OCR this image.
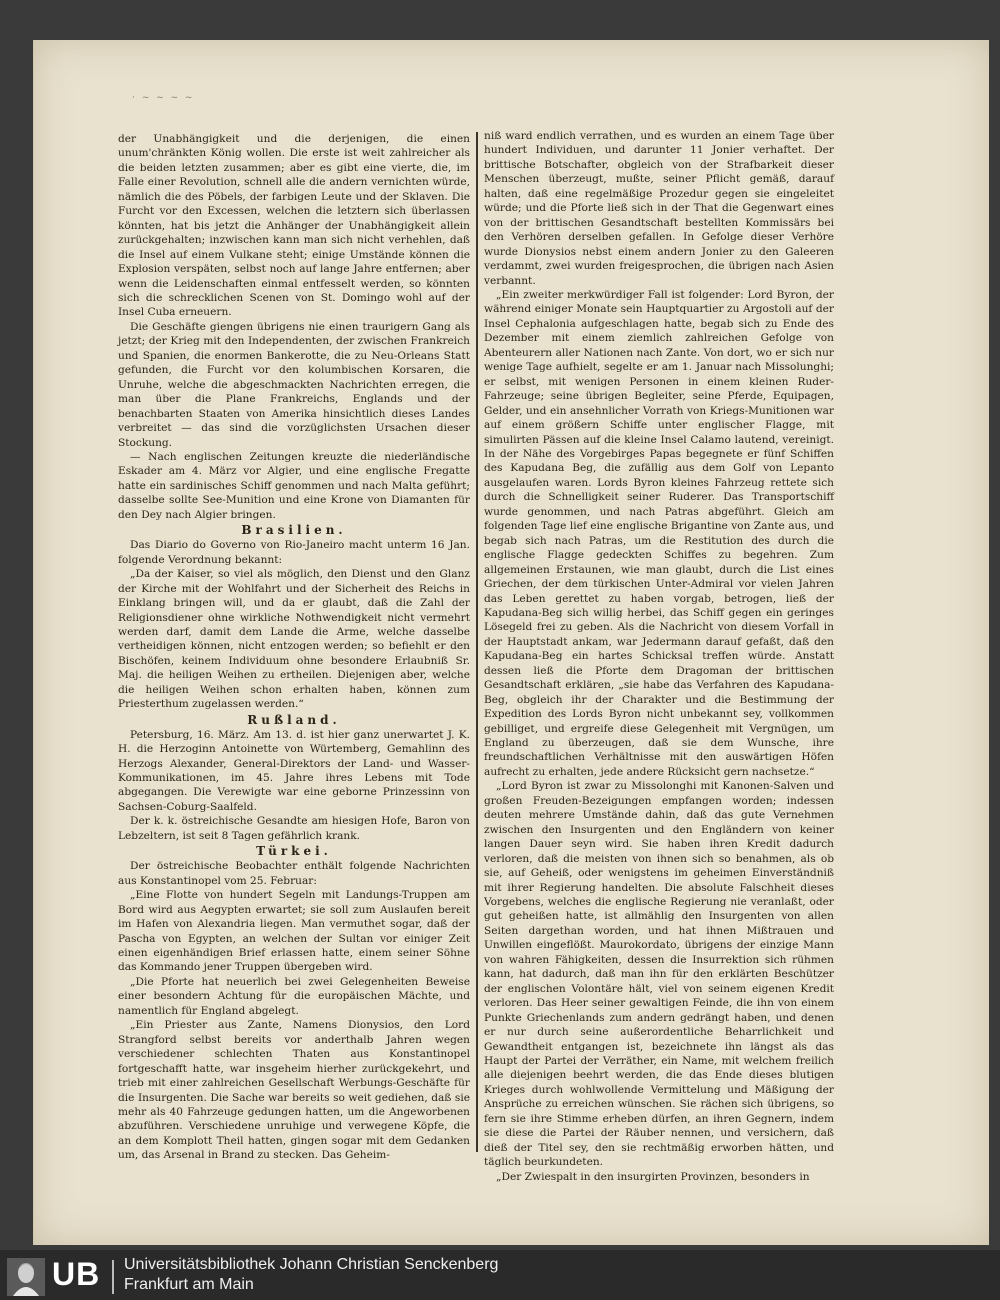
· ~ ~ ~ ~

der Unabhängigkeit und die derjenigen, die einen unum'chränkten König wollen. Die erste ist weit zahlreicher als die beiden letzten zusammen; aber es gibt eine vierte, die, im Falle einer Revolution, schnell alle die andern vernichten würde, nämlich die des Pöbels, der farbigen Leute und der Sklaven. Die Furcht vor den Excessen, welchen die letztern sich überlassen könnten, hat bis jetzt die Anhänger der Unabhängigkeit allein zurückgehalten; inzwischen kann man sich nicht verhehlen, daß die Insel auf einem Vulkane steht; einige Umstände können die Explosion verspäten, selbst noch auf lange Jahre entfernen; aber wenn die Leidenschaften einmal entfesselt werden, so könnten sich die schrecklichen Scenen von St. Domingo wohl auf der Insel Cuba erneuern.

Die Geschäfte giengen übrigens nie einen traurigern Gang als jetzt; der Krieg mit den Independenten, der zwischen Frankreich und Spanien, die enormen Bankerotte, die zu Neu-Orleans Statt gefunden, die Furcht vor den kolumbischen Korsaren, die Unruhe, welche die abgeschmackten Nachrichten erregen, die man über die Plane Frankreichs, Englands und der benachbarten Staaten von Amerika hinsichtlich dieses Landes verbreitet — das sind die vorzüglichsten Ursachen dieser Stockung.

— Nach englischen Zeitungen kreuzte die niederländische Eskader am 4. März vor Algier, und eine englische Fregatte hatte ein sardinisches Schiff genommen und nach Malta geführt; dasselbe sollte See-Munition und eine Krone von Diamanten für den Dey nach Algier bringen.

Brasilien.

Das Diario do Governo von Rio-Janeiro macht unterm 16 Jan. folgende Verordnung bekannt:

„Da der Kaiser, so viel als möglich, den Dienst und den Glanz der Kirche mit der Wohlfahrt und der Sicherheit des Reichs in Einklang bringen will, und da er glaubt, daß die Zahl der Religionsdiener ohne wirkliche Nothwendigkeit nicht vermehrt werden darf, damit dem Lande die Arme, welche dasselbe vertheidigen können, nicht entzogen werden; so befiehlt er den Bischöfen, keinem Individuum ohne besondere Erlaubniß Sr. Maj. die heiligen Weihen zu ertheilen. Diejenigen aber, welche die heiligen Weihen schon erhalten haben, können zum Priesterthum zugelassen werden.“

Rußland.

Petersburg, 16. März. Am 13. d. ist hier ganz unerwartet J. K. H. die Herzoginn Antoinette von Würtemberg, Gemahlinn des Herzogs Alexander, General-Direktors der Land- und Wasser-Kommunikationen, im 45. Jahre ihres Lebens mit Tode abgegangen. Die Verewigte war eine geborne Prinzessinn von Sachsen-Coburg-Saalfeld.

Der k. k. östreichische Gesandte am hiesigen Hofe, Baron von Lebzeltern, ist seit 8 Tagen gefährlich krank.

Türkei.

Der östreichische Beobachter enthält folgende Nachrichten aus Konstantinopel vom 25. Februar:

„Eine Flotte von hundert Segeln mit Landungs-Truppen am Bord wird aus Aegypten erwartet; sie soll zum Auslaufen bereit im Hafen von Alexandria liegen. Man vermuthet sogar, daß der Pascha von Egypten, an welchen der Sultan vor einiger Zeit einen eigenhändigen Brief erlassen hatte, einem seiner Söhne das Kommando jener Truppen übergeben wird.

„Die Pforte hat neuerlich bei zwei Gelegenheiten Beweise einer besondern Achtung für die europäischen Mächte, und namentlich für England abgelegt.

„Ein Priester aus Zante, Namens Dionysios, den Lord Strangford selbst bereits vor anderthalb Jahren wegen verschiedener schlechten Thaten aus Konstantinopel fortgeschafft hatte, war insgeheim hierher zurückgekehrt, und trieb mit einer zahlreichen Gesellschaft Werbungs-Geschäfte für die Insurgenten. Die Sache war bereits so weit gediehen, daß sie mehr als 40 Fahrzeuge gedungen hatten, um die Angeworbenen abzuführen. Verschiedene unruhige und verwegene Köpfe, die an dem Komplott Theil hatten, gingen sogar mit dem Gedanken um, das Arsenal in Brand zu stecken. Das Geheim-

niß ward endlich verrathen, und es wurden an einem Tage über hundert Individuen, und darunter 11 Jonier verhaftet. Der brittische Botschafter, obgleich von der Strafbarkeit dieser Menschen überzeugt, mußte, seiner Pflicht gemäß, darauf halten, daß eine regelmäßige Prozedur gegen sie eingeleitet würde; und die Pforte ließ sich in der That die Gegenwart eines von der brittischen Gesandtschaft bestellten Kommissärs bei den Verhören derselben gefallen. In Gefolge dieser Verhöre wurde Dionysios nebst einem andern Jonier zu den Galeeren verdammt, zwei wurden freigesprochen, die übrigen nach Asien verbannt.

„Ein zweiter merkwürdiger Fall ist folgender: Lord Byron, der während einiger Monate sein Hauptquartier zu Argostoli auf der Insel Cephalonia aufgeschlagen hatte, begab sich zu Ende des Dezember mit einem ziemlich zahlreichen Gefolge von Abenteurern aller Nationen nach Zante. Von dort, wo er sich nur wenige Tage aufhielt, segelte er am 1. Januar nach Missolunghi; er selbst, mit wenigen Personen in einem kleinen Ruder-Fahrzeuge; seine übrigen Begleiter, seine Pferde, Equipagen, Gelder, und ein ansehnlicher Vorrath von Kriegs-Munitionen war auf einem größern Schiffe unter englischer Flagge, mit simulirten Pässen auf die kleine Insel Calamo lautend, vereinigt. In der Nähe des Vorgebirges Papas begegnete er fünf Schiffen des Kapudana Beg, die zufällig aus dem Golf von Lepanto ausgelaufen waren. Lords Byron kleines Fahrzeug rettete sich durch die Schnelligkeit seiner Ruderer. Das Transportschiff wurde genommen, und nach Patras abgeführt. Gleich am folgenden Tage lief eine englische Brigantine von Zante aus, und begab sich nach Patras, um die Restitution des durch die englische Flagge gedeckten Schiffes zu begehren. Zum allgemeinen Erstaunen, wie man glaubt, durch die List eines Griechen, der dem türkischen Unter-Admiral vor vielen Jahren das Leben gerettet zu haben vorgab, betrogen, ließ der Kapudana-Beg sich willig herbei, das Schiff gegen ein geringes Lösegeld frei zu geben. Als die Nachricht von diesem Vorfall in der Hauptstadt ankam, war Jedermann darauf gefaßt, daß den Kapudana-Beg ein hartes Schicksal treffen würde. Anstatt dessen ließ die Pforte dem Dragoman der brittischen Gesandtschaft erklären, „sie habe das Verfahren des Kapudana-Beg, obgleich ihr der Charakter und die Bestimmung der Expedition des Lords Byron nicht unbekannt sey, vollkommen gebilliget, und ergreife diese Gelegenheit mit Vergnügen, um England zu überzeugen, daß sie dem Wunsche, ihre freundschaftlichen Verhältnisse mit den auswärtigen Höfen aufrecht zu erhalten, jede andere Rücksicht gern nachsetze.“

„Lord Byron ist zwar zu Missolonghi mit Kanonen-Salven und großen Freuden-Bezeigungen empfangen worden; indessen deuten mehrere Umstände dahin, daß das gute Vernehmen zwischen den Insurgenten und den Engländern von keiner langen Dauer seyn wird. Sie haben ihren Kredit dadurch verloren, daß die meisten von ihnen sich so benahmen, als ob sie, auf Geheiß, oder wenigstens im geheimen Einverständniß mit ihrer Regierung handelten. Die absolute Falschheit dieses Vorgebens, welches die englische Regierung nie veranlaßt, oder gut geheißen hatte, ist allmählig den Insurgenten von allen Seiten dargethan worden, und hat ihnen Mißtrauen und Unwillen eingeflößt. Maurokordato, übrigens der einzige Mann von wahren Fähigkeiten, dessen die Insurrektion sich rühmen kann, hat dadurch, daß man ihn für den erklärten Beschützer der englischen Volontäre hält, viel von seinem eigenen Kredit verloren. Das Heer seiner gewaltigen Feinde, die ihn von einem Punkte Griechenlands zum andern gedrängt haben, und denen er nur durch seine außerordentliche Beharrlichkeit und Gewandtheit entgangen ist, bezeichnete ihn längst als das Haupt der Partei der Verräther, ein Name, mit welchem freilich alle diejenigen beehrt werden, die das Ende dieses blutigen Krieges durch wohlwollende Vermittelung und Mäßigung der Ansprüche zu erreichen wünschen. Sie rächen sich übrigens, so fern sie ihre Stimme erheben dürfen, an ihren Gegnern, indem sie diese die Partei der Räuber nennen, und versichern, daß dieß der Titel sey, den sie rechtmäßig erworben hätten, und täglich beurkundeten.

„Der Zwiespalt in den insurgirten Provinzen, besonders in

UB Universitätsbibliothek Johann Christian Senckenberg
Frankfurt am Main
